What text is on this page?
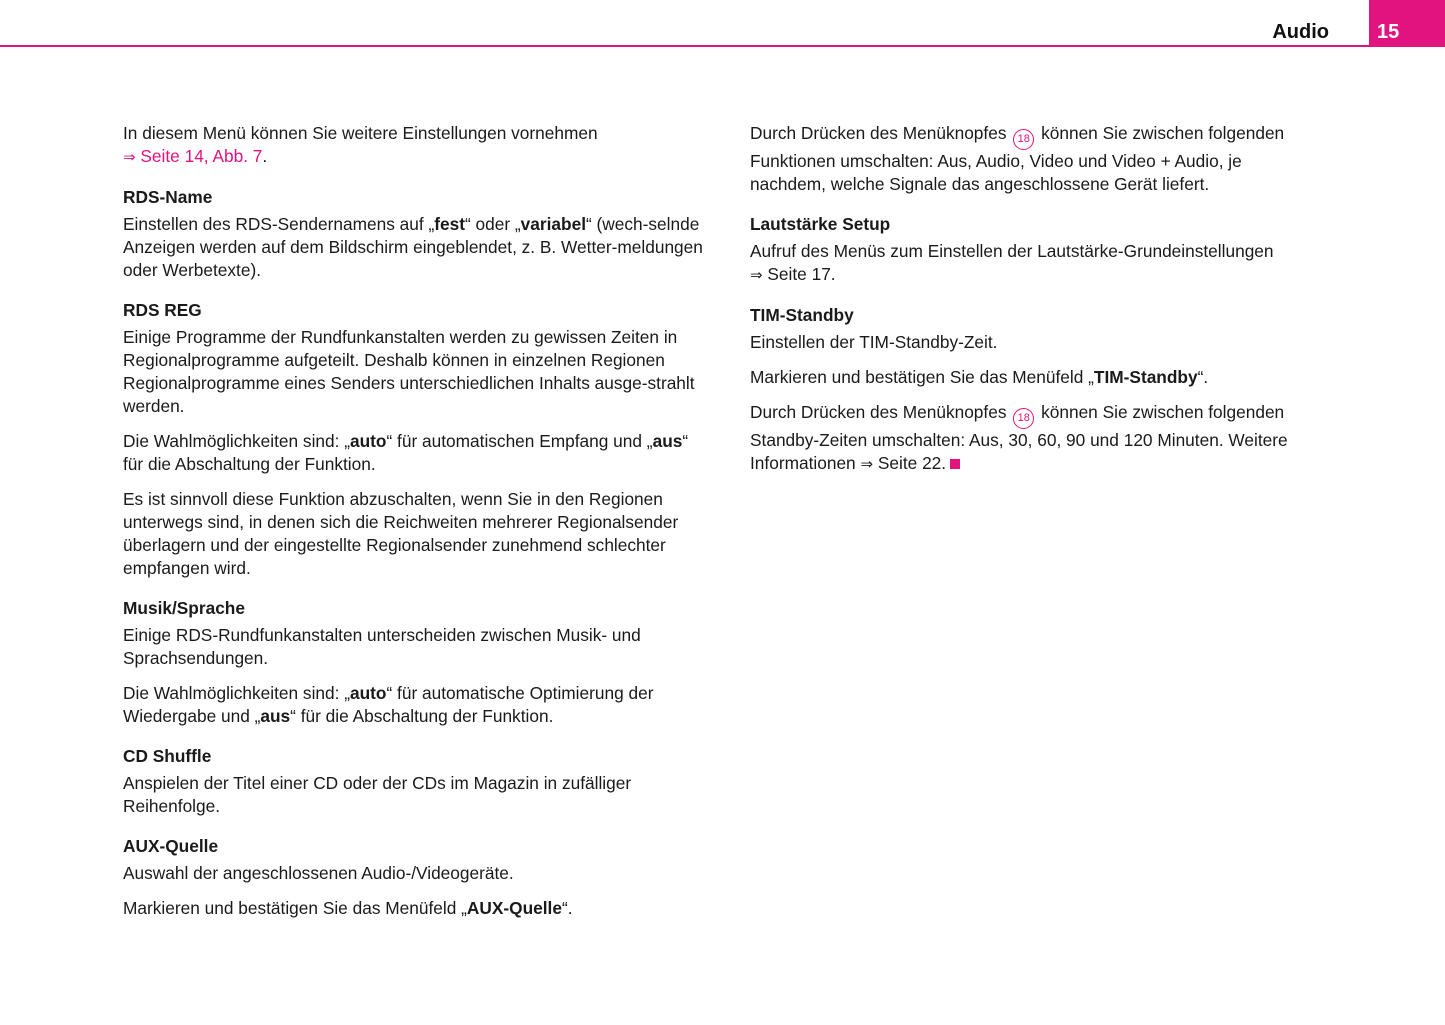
Audio 15

In diesem Menü können Sie weitere Einstellungen vornehmen
⇒ Seite 14, Abb. 7.

RDS-Name

Einstellen des RDS-Sendernamens auf „fest“ oder „variabel“ (wech-selnde Anzeigen werden auf dem Bildschirm eingeblendet, z. B. Wetter-meldungen oder Werbetexte).

RDS REG

Einige Programme der Rundfunkanstalten werden zu gewissen Zeiten in Regionalprogramme aufgeteilt. Deshalb können in einzelnen Regionen Regionalprogramme eines Senders unterschiedlichen Inhalts ausge-strahlt werden.

Die Wahlmöglichkeiten sind: „auto“ für automatischen Empfang und „aus“ für die Abschaltung der Funktion.

Es ist sinnvoll diese Funktion abzuschalten, wenn Sie in den Regionen unterwegs sind, in denen sich die Reichweiten mehrerer Regionalsender überlagern und der eingestellte Regionalsender zunehmend schlechter empfangen wird.

Musik/Sprache

Einige RDS-Rundfunkanstalten unterscheiden zwischen Musik- und Sprachsendungen.

Die Wahlmöglichkeiten sind: „auto“ für automatische Optimierung der Wiedergabe und „aus“ für die Abschaltung der Funktion.

CD Shuffle

Anspielen der Titel einer CD oder der CDs im Magazin in zufälliger Reihenfolge.

AUX-Quelle

Auswahl der angeschlossenen Audio-/Videogeräte.

Markieren und bestätigen Sie das Menüfeld „AUX-Quelle“.

Durch Drücken des Menüknopfes 18 können Sie zwischen folgenden Funktionen umschalten: Aus, Audio, Video und Video + Audio, je nachdem, welche Signale das angeschlossene Gerät liefert.

Lautstärke Setup

Aufruf des Menüs zum Einstellen der Lautstärke-Grundeinstellungen
⇒ Seite 17.

TIM-Standby

Einstellen der TIM-Standby-Zeit.

Markieren und bestätigen Sie das Menüfeld „TIM-Standby“.

Durch Drücken des Menüknopfes 18 können Sie zwischen folgenden Standby-Zeiten umschalten: Aus, 30, 60, 90 und 120 Minuten. Weitere Informationen ⇒ Seite 22.
